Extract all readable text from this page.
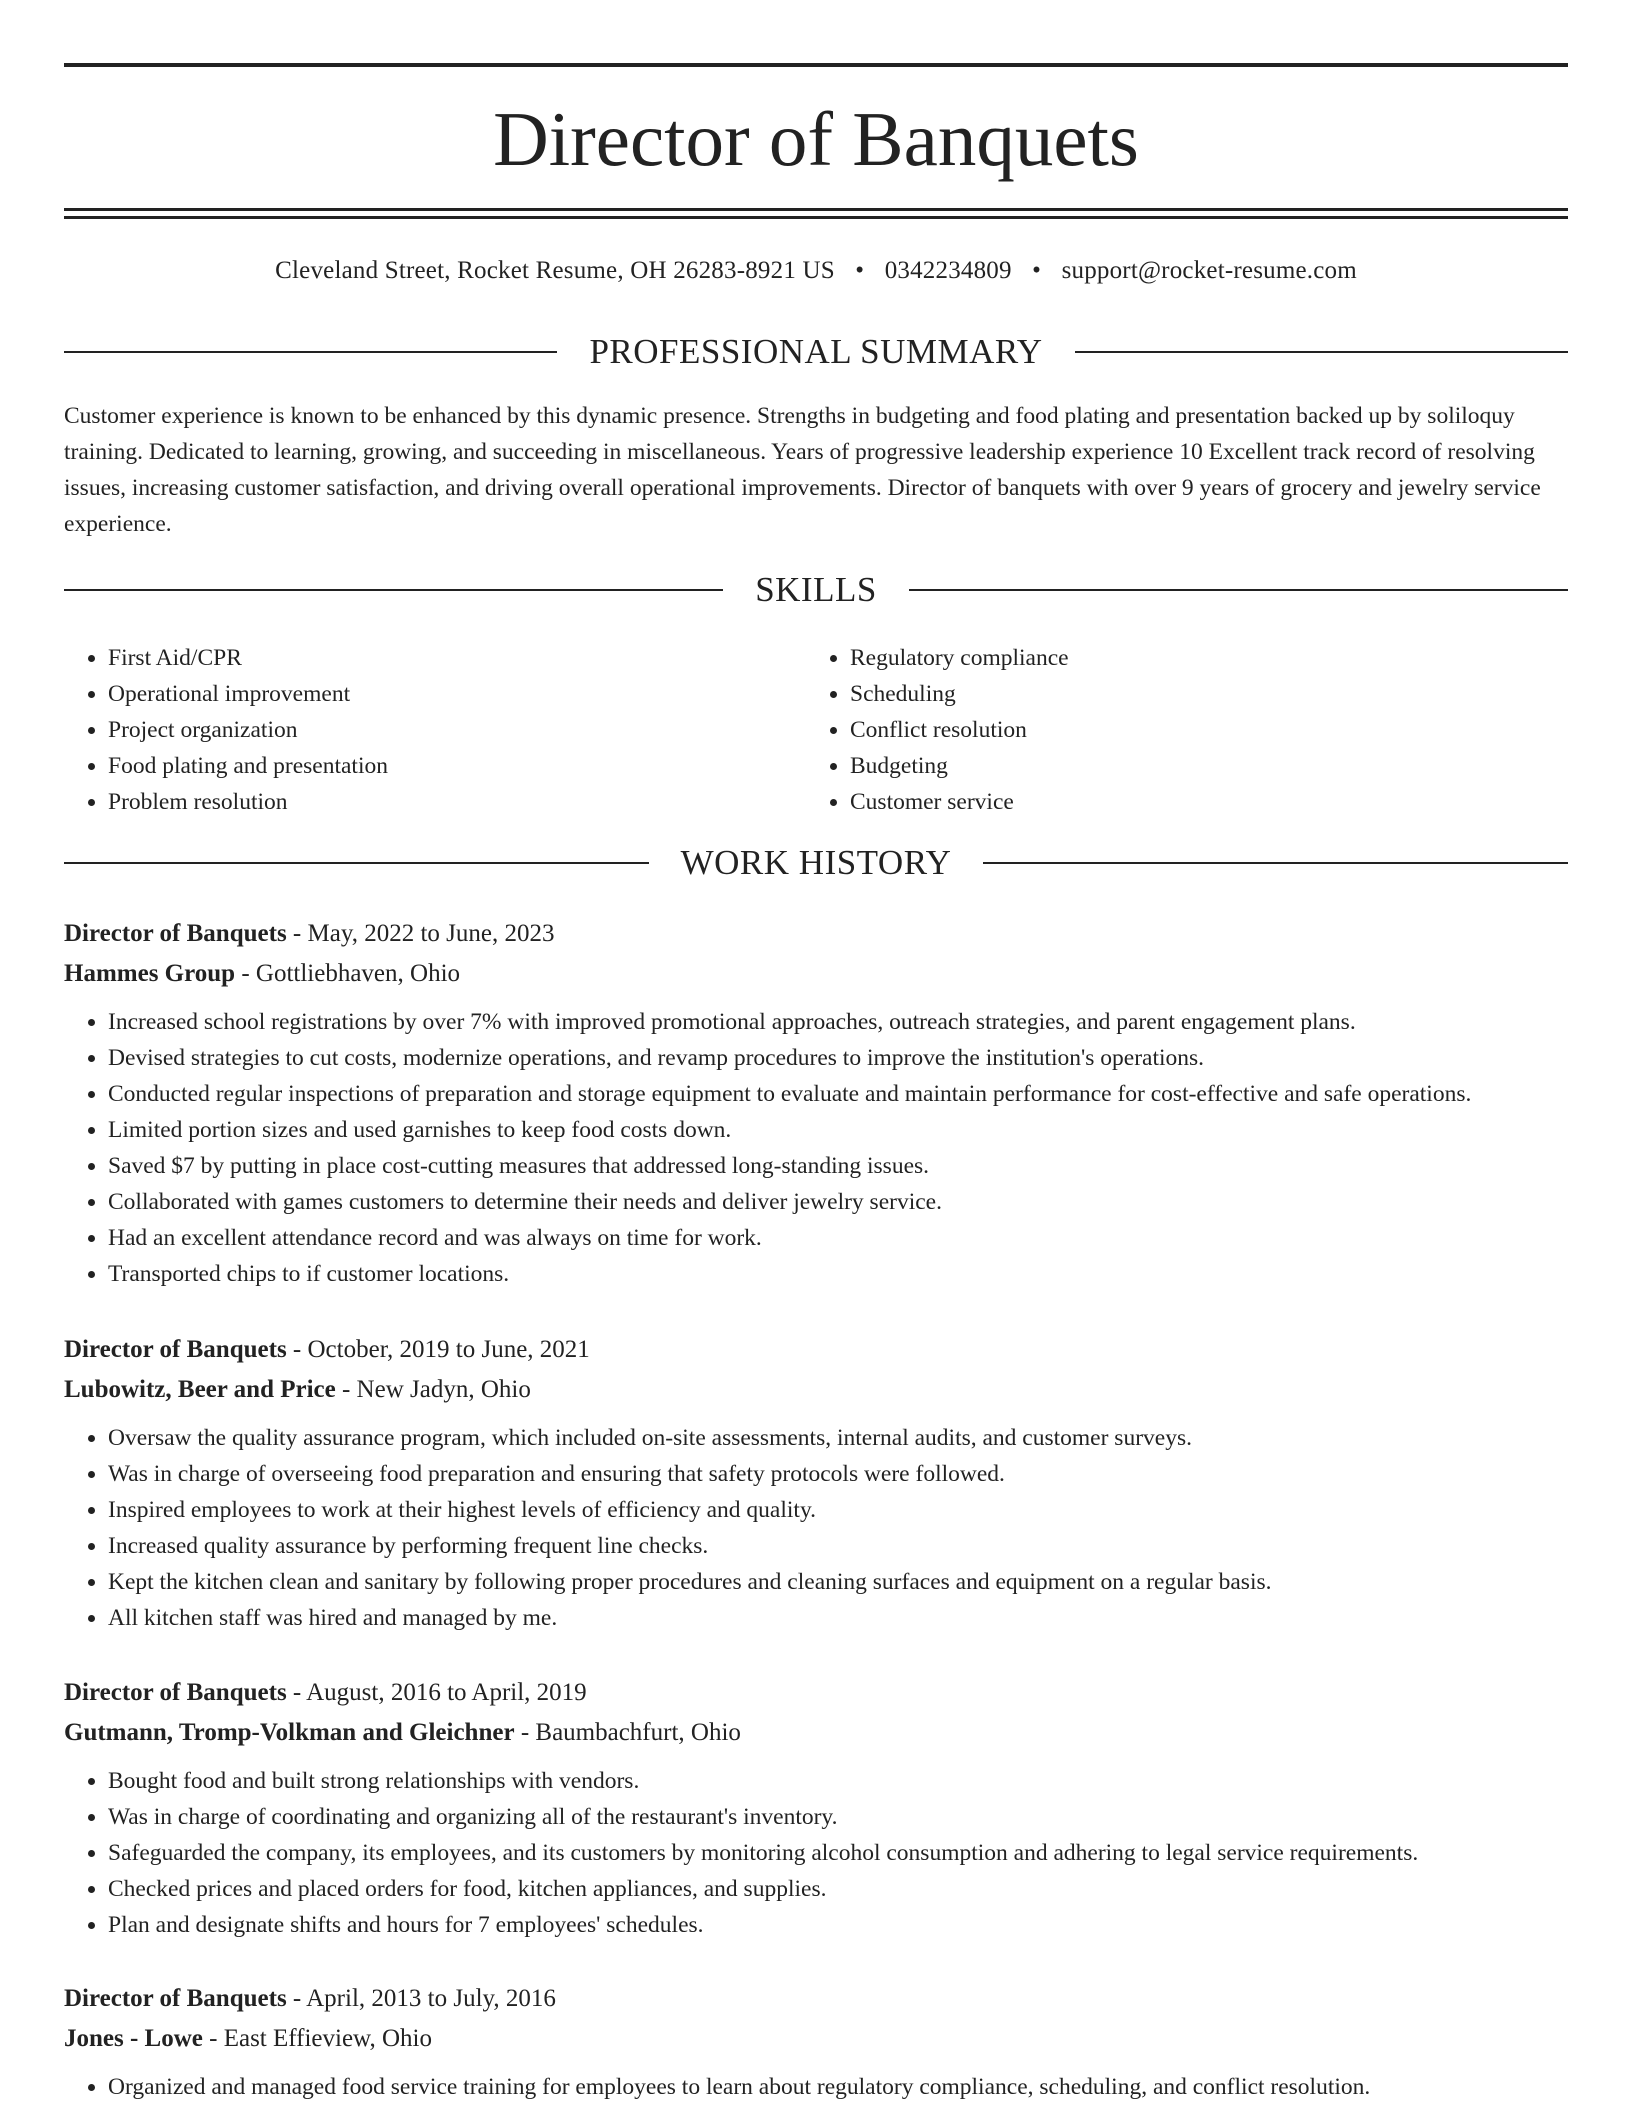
Director of Banquets
Cleveland Street, Rocket Resume, OH 26283-8921 US • 0342234809 • support@rocket-resume.com
PROFESSIONAL SUMMARY
Customer experience is known to be enhanced by this dynamic presence. Strengths in budgeting and food plating and presentation backed up by soliloquy training. Dedicated to learning, growing, and succeeding in miscellaneous. Years of progressive leadership experience 10 Excellent track record of resolving issues, increasing customer satisfaction, and driving overall operational improvements. Director of banquets with over 9 years of grocery and jewelry service experience.
SKILLS
• First Aid/CPR
• Operational improvement
• Project organization
• Food plating and presentation
• Problem resolution
• Regulatory compliance
• Scheduling
• Conflict resolution
• Budgeting
• Customer service
WORK HISTORY
Director of Banquets - May, 2022 to June, 2023
Hammes Group - Gottliebhaven, Ohio
• Increased school registrations by over 7% with improved promotional approaches, outreach strategies, and parent engagement plans.
• Devised strategies to cut costs, modernize operations, and revamp procedures to improve the institution's operations.
• Conducted regular inspections of preparation and storage equipment to evaluate and maintain performance for cost-effective and safe operations.
• Limited portion sizes and used garnishes to keep food costs down.
• Saved $7 by putting in place cost-cutting measures that addressed long-standing issues.
• Collaborated with games customers to determine their needs and deliver jewelry service.
• Had an excellent attendance record and was always on time for work.
• Transported chips to if customer locations.
Director of Banquets - October, 2019 to June, 2021
Lubowitz, Beer and Price - New Jadyn, Ohio
• Oversaw the quality assurance program, which included on-site assessments, internal audits, and customer surveys.
• Was in charge of overseeing food preparation and ensuring that safety protocols were followed.
• Inspired employees to work at their highest levels of efficiency and quality.
• Increased quality assurance by performing frequent line checks.
• Kept the kitchen clean and sanitary by following proper procedures and cleaning surfaces and equipment on a regular basis.
• All kitchen staff was hired and managed by me.
Director of Banquets - August, 2016 to April, 2019
Gutmann, Tromp-Volkman and Gleichner - Baumbachfurt, Ohio
• Bought food and built strong relationships with vendors.
• Was in charge of coordinating and organizing all of the restaurant's inventory.
• Safeguarded the company, its employees, and its customers by monitoring alcohol consumption and adhering to legal service requirements.
• Checked prices and placed orders for food, kitchen appliances, and supplies.
• Plan and designate shifts and hours for 7 employees' schedules.
Director of Banquets - April, 2013 to July, 2016
Jones - Lowe - East Effieview, Ohio
• Organized and managed food service training for employees to learn about regulatory compliance, scheduling, and conflict resolution.
